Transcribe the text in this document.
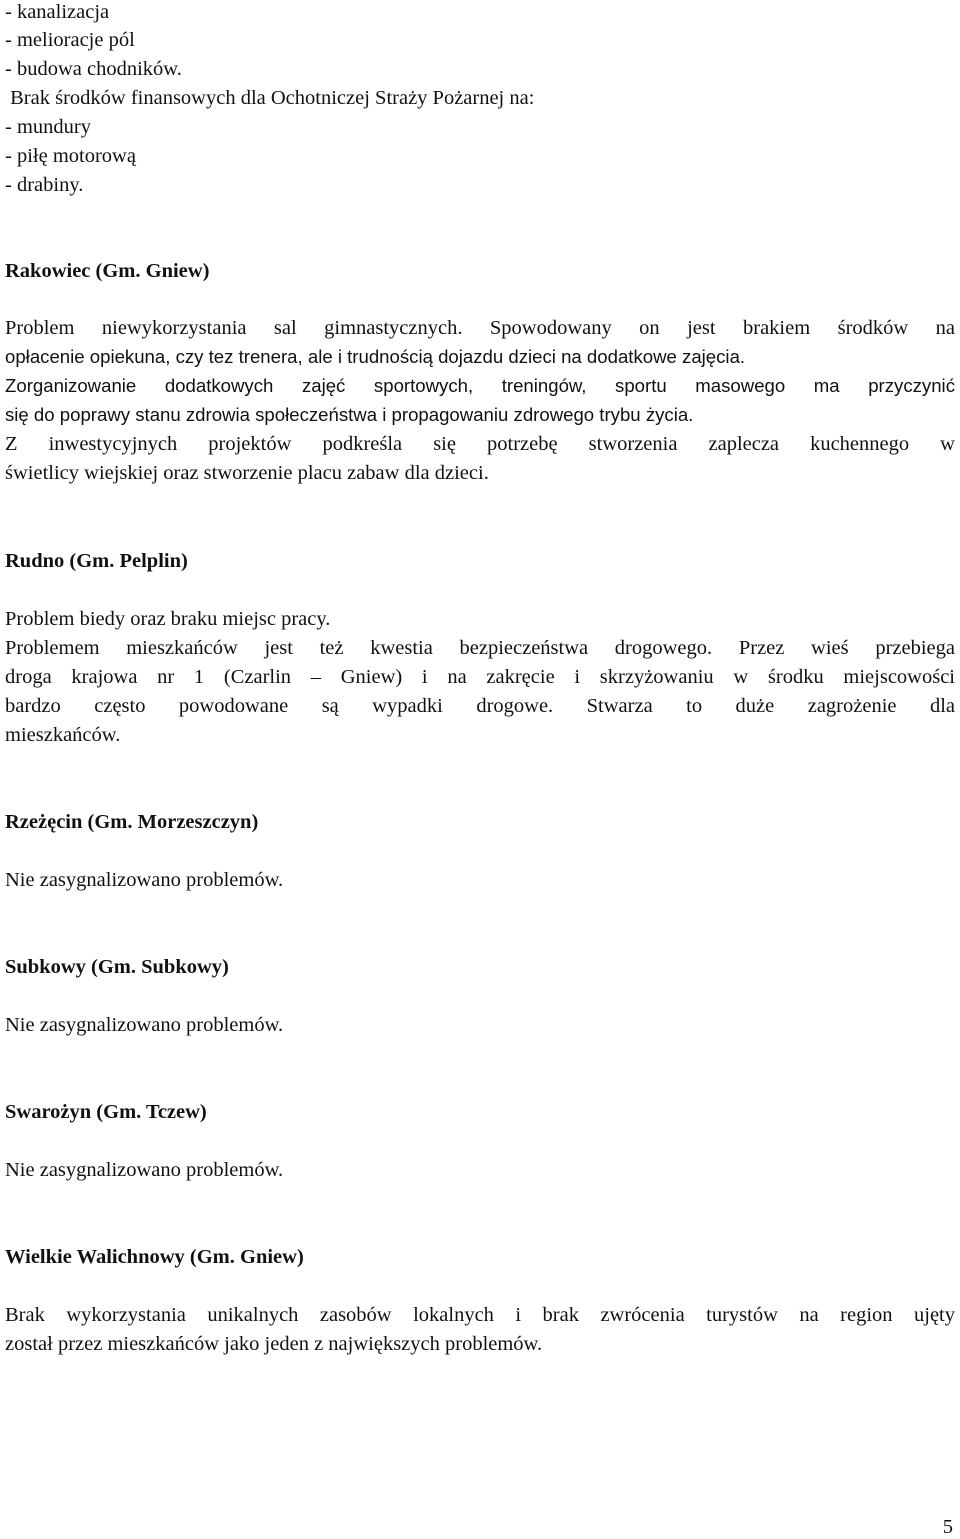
- kanalizacja
- melioracje pól
- budowa chodników.
Brak środków finansowych dla Ochotniczej Straży Pożarnej na:
- mundury
- piłę motorową
- drabiny.
Rakowiec (Gm. Gniew)
Problem niewykorzystania sal gimnastycznych. Spowodowany on jest brakiem środków na
opłacenie opiekuna, czy tez trenera, ale i trudnością dojazdu dzieci na dodatkowe zajęcia.
Zorganizowanie dodatkowych zajęć sportowych, treningów, sportu masowego ma przyczynić
się do poprawy stanu zdrowia społeczeństwa i propagowaniu zdrowego trybu życia.
Z inwestycyjnych projektów podkreśla się potrzebę stworzenia zaplecza kuchennego w
świetlicy wiejskiej oraz stworzenie placu zabaw dla dzieci.
Rudno (Gm. Pelplin)
Problem biedy oraz braku miejsc pracy.
Problemem mieszkańców jest też kwestia bezpieczeństwa drogowego. Przez wieś przebiega
droga krajowa nr 1 (Czarlin – Gniew) i na zakręcie i skrzyżowaniu w środku miejscowości
bardzo często powodowane są wypadki drogowe. Stwarza to duże zagrożenie dla
mieszkańców.
Rzeżęcin (Gm. Morzeszczyn)
Nie zasygnalizowano problemów.
Subkowy (Gm. Subkowy)
Nie zasygnalizowano problemów.
Swarożyn (Gm. Tczew)
Nie zasygnalizowano problemów.
Wielkie Walichnowy (Gm. Gniew)
Brak wykorzystania unikalnych zasobów lokalnych i brak zwrócenia turystów na region ujęty
został przez mieszkańców jako jeden z największych problemów.
5
